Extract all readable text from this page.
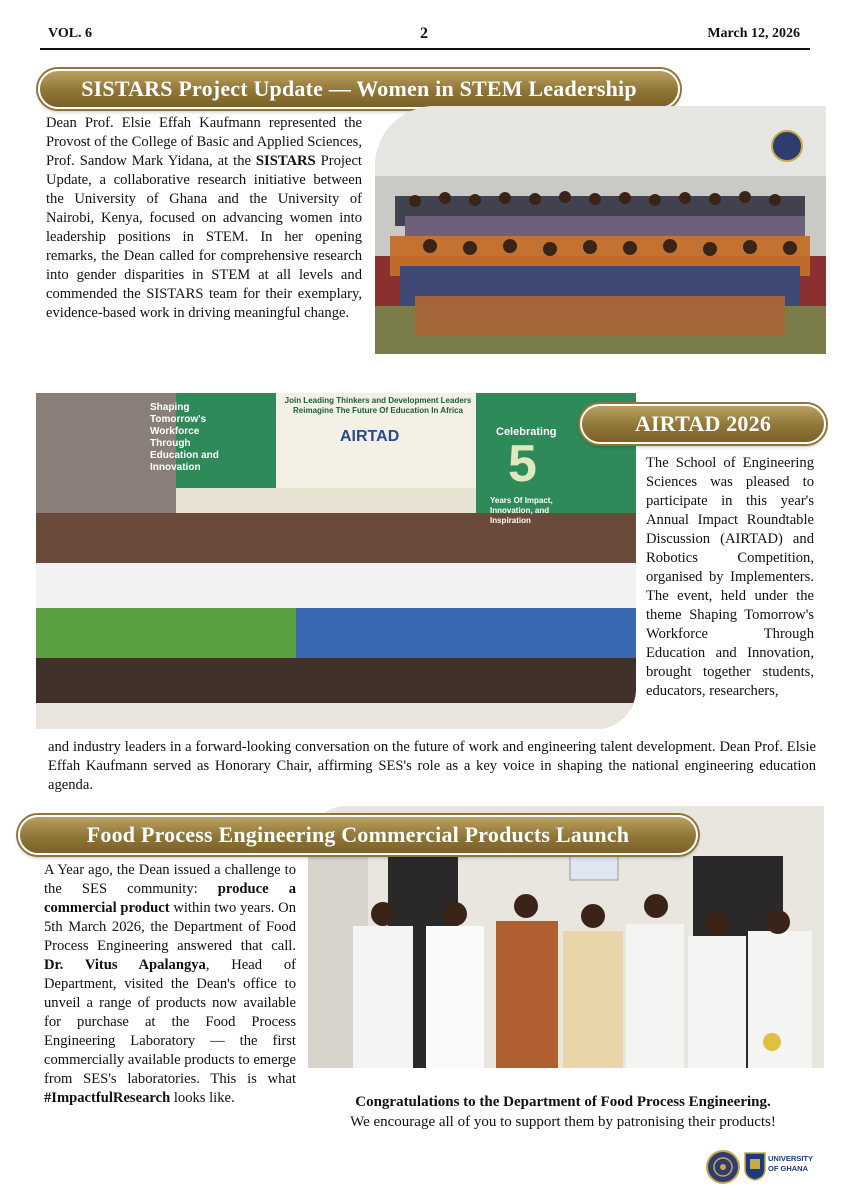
VOL. 6	2	March 12, 2026
SISTARS Project Update — Women in STEM Leadership
Dean Prof. Elsie Effah Kaufmann represented the Provost of the College of Basic and Applied Sciences, Prof. Sandow Mark Yidana, at the SISTARS Project Update, a collaborative research initiative between the University of Ghana and the University of Nairobi, Kenya, focused on advancing women into leadership positions in STEM. In her opening remarks, the Dean called for comprehensive research into gender disparities in STEM at all levels and commended the SISTARS team for their exemplary, evidence-based work in driving meaningful change.
Shaping Tomorrow's Workforce Through Education and Innovation
Join Leading Thinkers and Development Leaders Reimagine The Future Of Education In Africa
AIRTAD	Celebrating
5
Years Of Impact, Innovation, and Inspiration
AIRTAD 2026
The School of Engineering Sciences was pleased to participate in this year's Annual Impact Roundtable Discussion (AIRTAD) and Robotics Competition, organised by Implementers. The event, held under the theme Shaping Tomorrow's Workforce Through Education and Innovation, brought together students, educators, researchers,
and industry leaders in a forward-looking conversation on the future of work and engineering talent development. Dean Prof. Elsie Effah Kaufmann served as Honorary Chair, affirming SES's role as a key voice in shaping the national engineering education agenda.
Food Process Engineering Commercial Products Launch
A Year ago, the Dean issued a challenge to the SES community: produce a commercial product within two years. On 5th March 2026, the Department of Food Process Engineering answered that call. Dr. Vitus Apalangya, Head of Department, visited the Dean's office to unveil a range of products now available for purchase at the Food Process Engineering Laboratory — the first commercially available products to emerge from SES's laboratories. This is what #ImpactfulResearch looks like.	Congratulations to the Department of Food Process Engineering.
We encourage all of you to support them by patronising their products!
UNIVERSITY
OF GHANA
